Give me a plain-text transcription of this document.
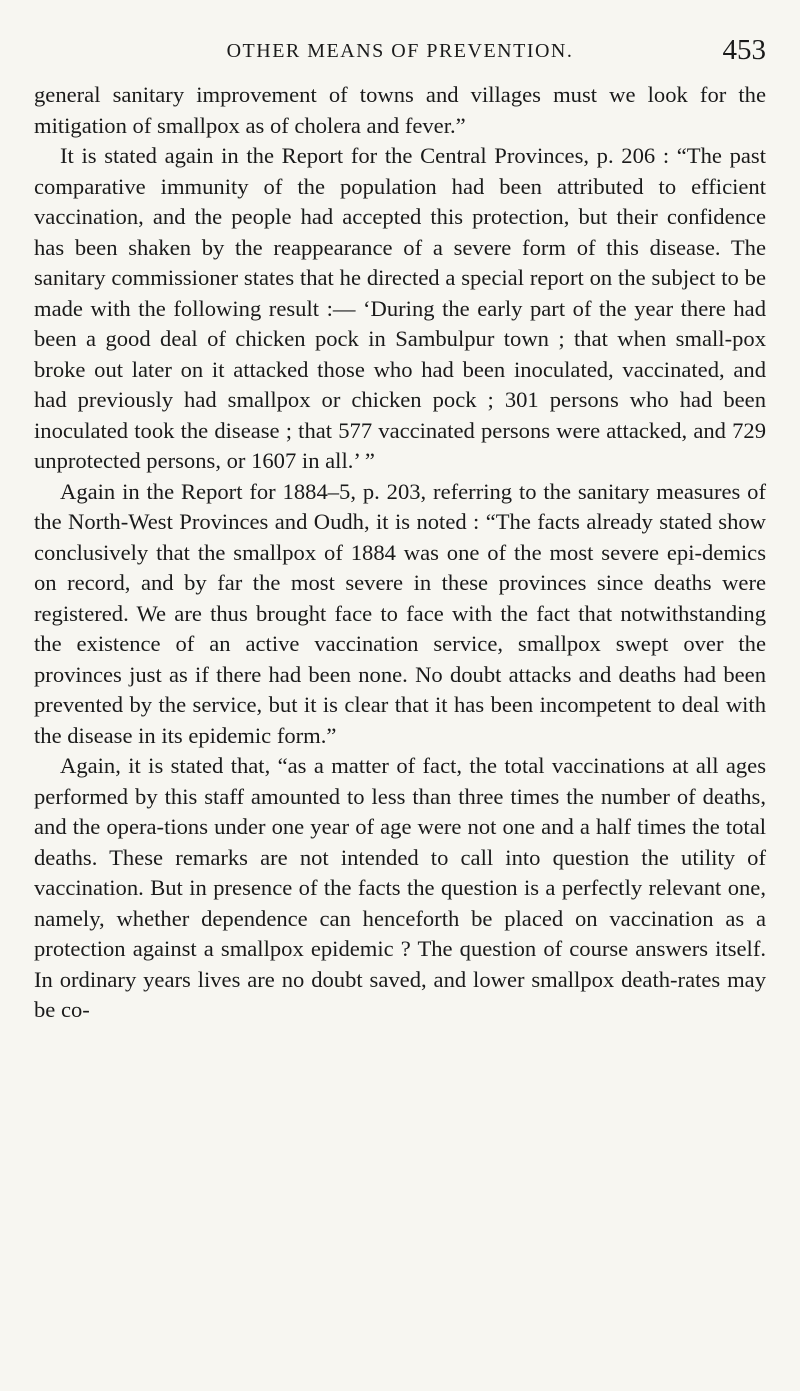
OTHER MEANS OF PREVENTION.	453

general sanitary improvement of towns and villages must we look for the mitigation of smallpox as of cholera and fever.”

It is stated again in the Report for the Central Provinces, p. 206 : “The past comparative immunity of the population had been attributed to efficient vaccination, and the people had accepted this protection, but their confidence has been shaken by the reappearance of a severe form of this disease. The sanitary commissioner states that he directed a special report on the subject to be made with the following result :— ‘During the early part of the year there had been a good deal of chicken pock in Sambulpur town ; that when small-pox broke out later on it attacked those who had been inoculated, vaccinated, and had previously had smallpox or chicken pock ; 301 persons who had been inoculated took the disease ; that 577 vaccinated persons were attacked, and 729 unprotected persons, or 1607 in all.’ ”

Again in the Report for 1884–5, p. 203, referring to the sanitary measures of the North-West Provinces and Oudh, it is noted : “The facts already stated show conclusively that the smallpox of 1884 was one of the most severe epi-demics on record, and by far the most severe in these provinces since deaths were registered. We are thus brought face to face with the fact that notwithstanding the existence of an active vaccination service, smallpox swept over the provinces just as if there had been none. No doubt attacks and deaths had been prevented by the service, but it is clear that it has been incompetent to deal with the disease in its epidemic form.”

Again, it is stated that, “as a matter of fact, the total vaccinations at all ages performed by this staff amounted to less than three times the number of deaths, and the opera-tions under one year of age were not one and a half times the total deaths. These remarks are not intended to call into question the utility of vaccination. But in presence of the facts the question is a perfectly relevant one, namely, whether dependence can henceforth be placed on vaccination as a protection against a smallpox epidemic ? The question of course answers itself. In ordinary years lives are no doubt saved, and lower smallpox death-rates may be co-
